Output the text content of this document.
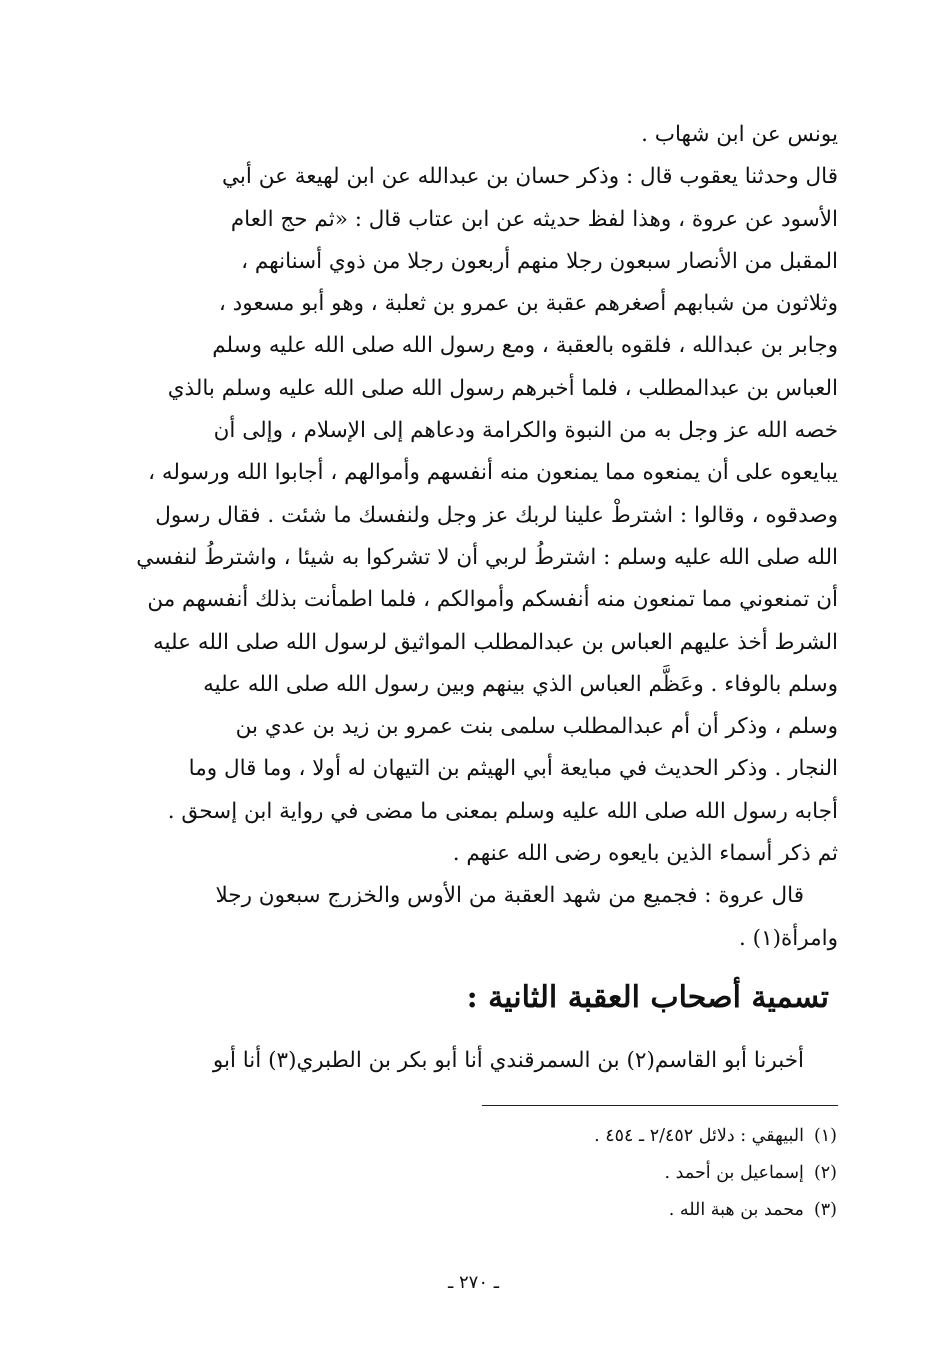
يونس عن ابن شهاب .
قال وحدثنا يعقوب قال : وذكر حسان بن عبدالله عن ابن لهيعة عن أبي
الأسود عن عروة ، وهذا لفظ حديثه عن ابن عتاب قال : «ثم حج العام
المقبل من الأنصار سبعون رجلا منهم أربعون رجلا من ذوي أسنانهم ،
وثلاثون من شبابهم أصغرهم عقبة بن عمرو بن ثعلبة ، وهو أبو مسعود ،
وجابر بن عبدالله ، فلقوه بالعقبة ، ومع رسول الله صلى الله عليه وسلم
العباس بن عبدالمطلب ، فلما أخبرهم رسول الله صلى الله عليه وسلم بالذي
خصه الله عز وجل به من النبوة والكرامة ودعاهم إلى الإسلام ، وإلى أن
يبايعوه على أن يمنعوه مما يمنعون منه أنفسهم وأموالهم ، أجابوا الله ورسوله ،
وصدقوه ، وقالوا : اشترطْ علينا لربك عز وجل ولنفسك ما شئت . فقال رسول
الله صلى الله عليه وسلم : اشترطُ لربي أن لا تشركوا به شيئا ، واشترطُ لنفسي
أن تمنعوني مما تمنعون منه أنفسكم وأموالكم ، فلما اطمأنت بذلك أنفسهم من
الشرط أخذ عليهم العباس بن عبدالمطلب المواثيق لرسول الله صلى الله عليه
وسلم بالوفاء . وعَظَّم العباس الذي بينهم وبين رسول الله صلى الله عليه
وسلم ، وذكر أن أم عبدالمطلب سلمى بنت عمرو بن زيد بن عدي بن
النجار . وذكر الحديث في مبايعة أبي الهيثم بن التيهان له أولا ، وما قال وما
أجابه رسول الله صلى الله عليه وسلم بمعنى ما مضى في رواية ابن إسحق .
ثم ذكر أسماء الذين بايعوه رضى الله عنهم .
قال عروة : فجميع من شهد العقبة من الأوس والخزرج سبعون رجلا
وامرأة(١) .
تسمية أصحاب العقبة الثانية :
أخبرنا أبو القاسم(٢) بن السمرقندي أنا أبو بكر بن الطبري(٣) أنا أبو
(١)البيهقي : دلائل ٢/٤٥٢ ـ ٤٥٤ .
(٢)إسماعيل بن أحمد .
(٣)محمد بن هبة الله .
ـ ٢٧٠ ـ
